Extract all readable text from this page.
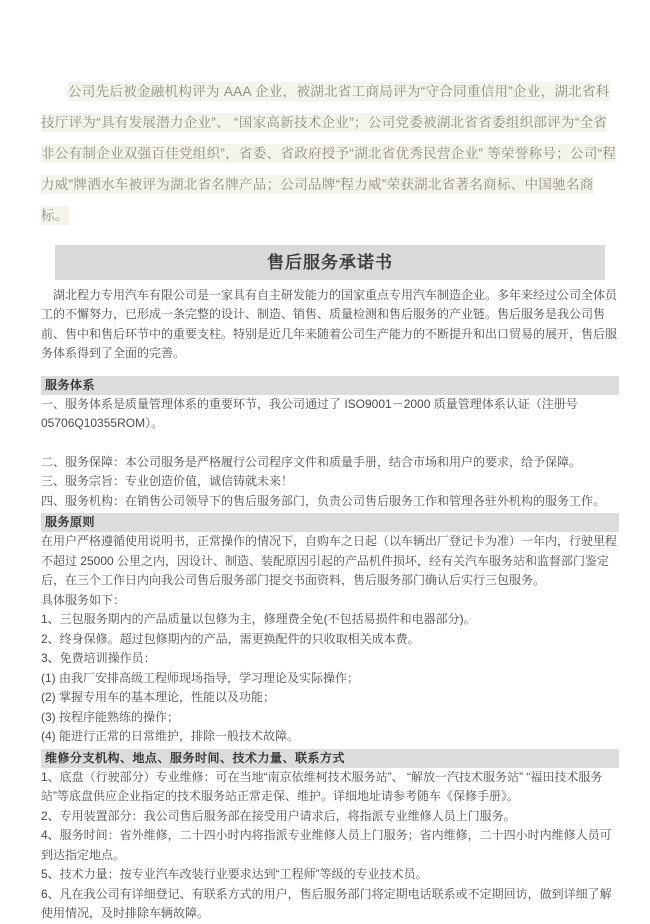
公司先后被金融机构评为 AAA 企业，被湖北省工商局评为“守合同重信用”企业，湖北省科技厅评为“具有发展潜力企业”、 “国家高新技术企业”；公司党委被湖北省省委组织部评为“全省非公有制企业双强百佳党组织”，省委、省政府授予“湖北省优秀民营企业” 等荣誉称号；公司“程力威”牌洒水车被评为湖北省名牌产品；公司品牌“程力威”荣获湖北省著名商标、中国驰名商标。

售后服务承诺书

湖北程力专用汽车有限公司是一家具有自主研发能力的国家重点专用汽车制造企业。多年来经过公司全体员工的不懈努力，已形成一条完整的设计、制造、销售、质量检测和售后服务的产业链。售后服务是我公司售前、售中和售后环节中的重要支柱。特别是近几年来随着公司生产能力的不断提升和出口贸易的展开，售后服务体系得到了全面的完善。

服务体系

一、服务体系是质量管理体系的重要环节，我公司通过了 ISO9001－2000 质量管理体系认证（注册号 05706Q10355ROM）。

二、服务保障：本公司服务是严格履行公司程序文件和质量手册，结合市场和用户的要求，给予保障。

三、服务宗旨：专业创造价值，诚信铸就未来！

四、服务机构：在销售公司领导下的售后服务部门，负责公司售后服务工作和管理各驻外机构的服务工作。

服务原则

在用户严格遵循使用说明书，正常操作的情况下，自购车之日起（以车辆出厂登记卡为准）一年内，行驶里程不超过 25000 公里之内，因设计、制造、装配原因引起的产品机件损坏，经有关汽车服务站和监督部门鉴定后，在三个工作日内向我公司售后服务部门提交书面资料，售后服务部门确认后实行三包服务。

具体服务如下：

1、三包服务期内的产品质量以包修为主，修理费全免(不包括易损件和电器部分)。

2、终身保修。超过包修期内的产品，需更换配件的只收取相关成本费。

3、免费培训操作员：

(1) 由我厂安排高级工程师现场指导，学习理论及实际操作；

(2) 掌握专用车的基本理论，性能以及功能；

(3) 按程序能熟练的操作；

(4) 能进行正常的日常维护，排除一般技术故障。

维修分支机构、地点、服务时间、技术力量、联系方式

1、底盘（行驶部分）专业维修：可在当地“南京依维柯技术服务站”、 “解放一汽技术服务站” “福田技术服务站”等底盘供应企业指定的技术服务站正常走保、维护。详细地址请参考随车《保修手册》。

2、专用装置部分：我公司售后服务部在接受用户请求后，将指派专业维修人员上门服务。

4、服务时间：省外维修，二十四小时内将指派专业维修人员上门服务；省内维修，二十四小时内维修人员可到达指定地点。

5、技术力量：按专业汽车改装行业要求达到“工程师”等级的专业技术员。

6、凡在我公司有详细登记、有联系方式的用户，售后服务部门将定期电话联系或不定期回访，做到详细了解使用情况，及时排除车辆故障。
